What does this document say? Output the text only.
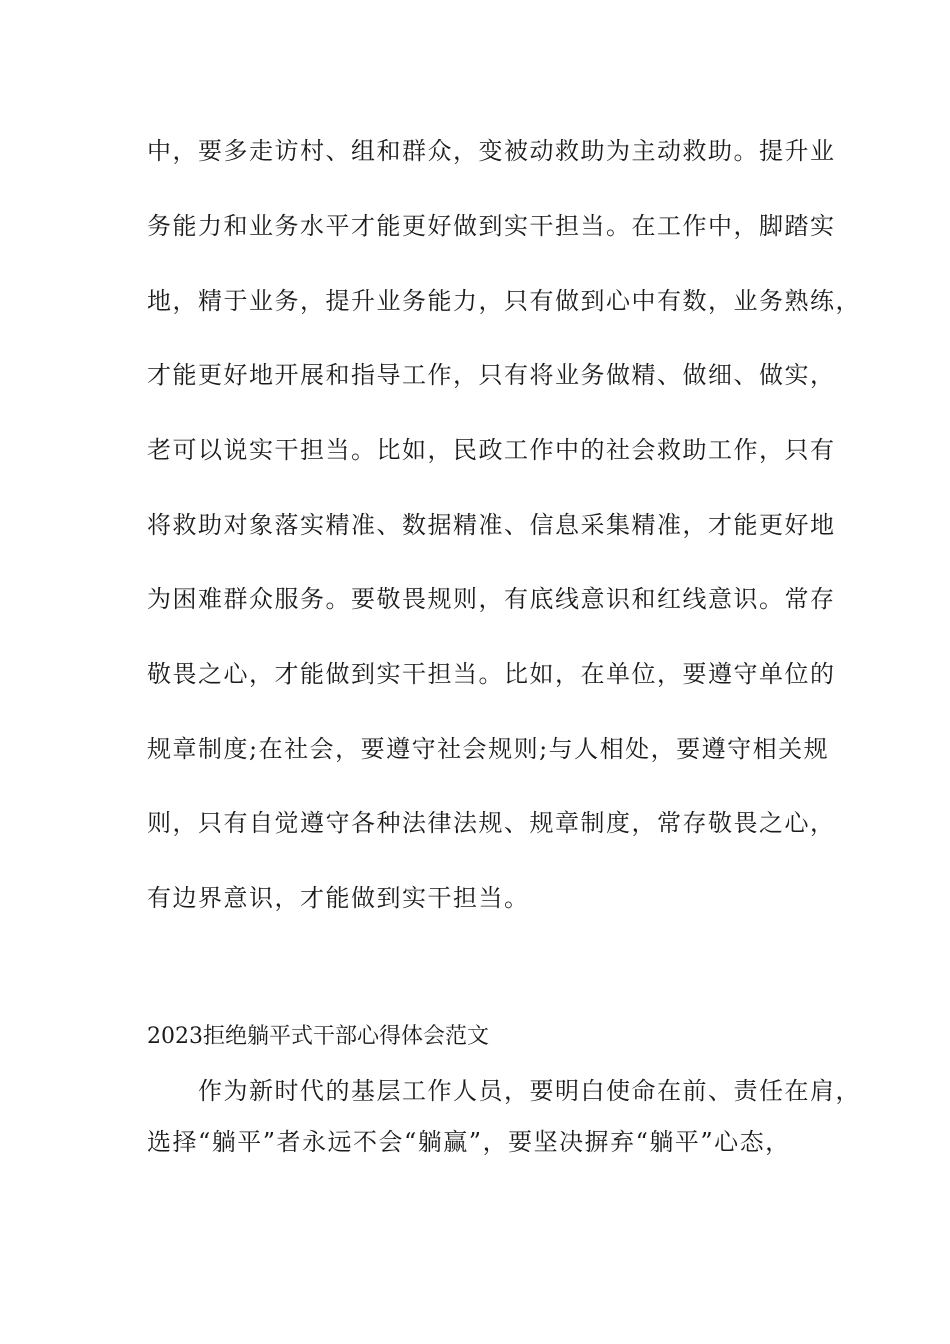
中，要多走访村、组和群众，变被动救助为主动救助。提升业
务能力和业务水平才能更好做到实干担当。在工作中，脚踏实
地，精于业务，提升业务能力，只有做到心中有数，业务熟练，
才能更好地开展和指导工作，只有将业务做精、做细、做实，
老可以说实干担当。比如，民政工作中的社会救助工作，只有
将救助对象落实精准、数据精准、信息采集精准，才能更好地
为困难群众服务。要敬畏规则，有底线意识和红线意识。常存
敬畏之心，才能做到实干担当。比如，在单位，要遵守单位的
规章制度;在社会，要遵守社会规则;与人相处，要遵守相关规
则，只有自觉遵守各种法律法规、规章制度，常存敬畏之心，
有边界意识，才能做到实干担当。
2023拒绝躺平式干部心得体会范文
　　作为新时代的基层工作人员，要明白使命在前、责任在肩，
选择“躺平”者永远不会“躺赢”，要坚决摒弃“躺平”心态，
